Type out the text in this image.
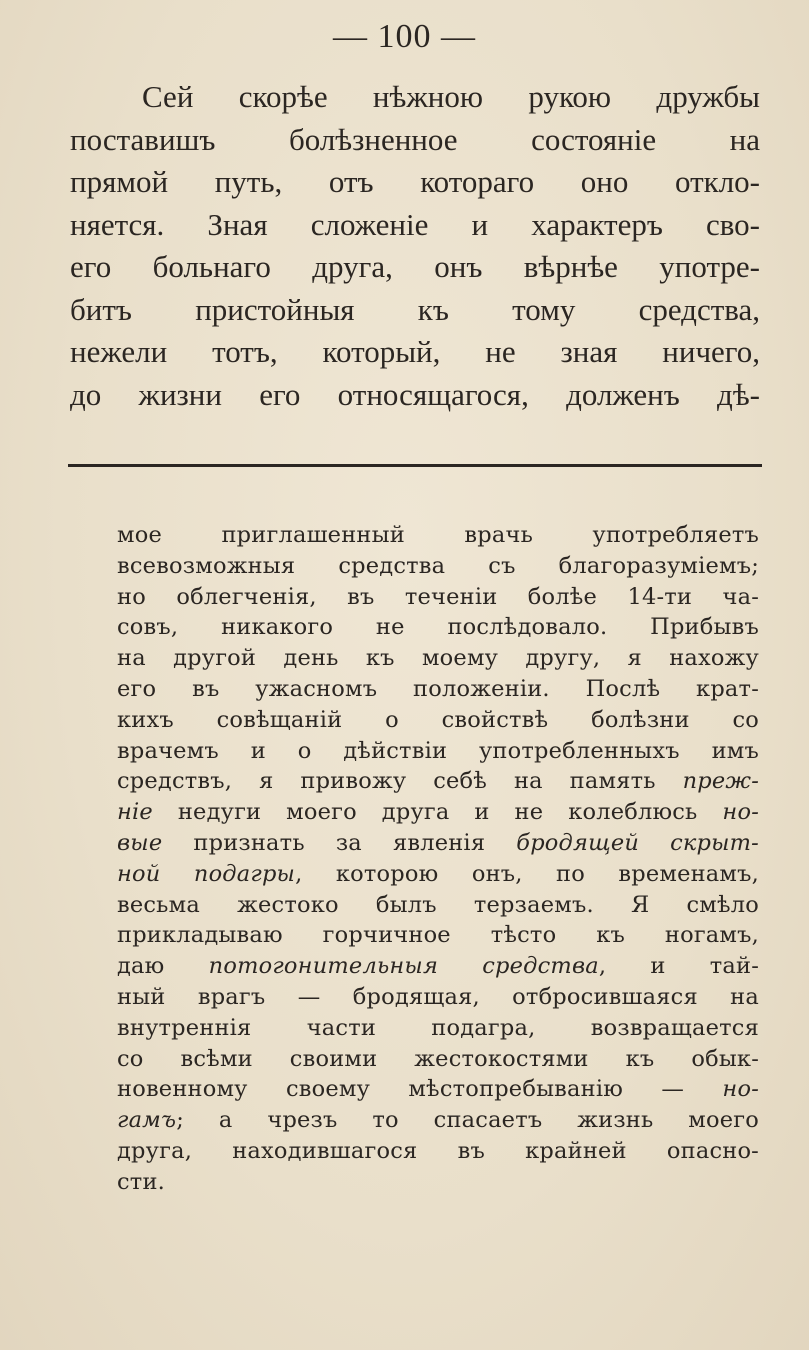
— 100 —
Сей скорѣе нѣжною рукою дружбы
поставишъ болѣзненное состояніе на
прямой путь, отъ котораго оно откло-
няется. Зная сложеніе и характеръ сво-
его больнаго друга, онъ вѣрнѣе употре-
битъ пристойныя къ тому средства,
нежели тотъ, который, не зная ничего,
до жизни его относящагося, долженъ дѣ-
мое приглашенный врачь употребляетъ
всевозможныя средства съ благоразуміемъ;
но облегченія, въ теченіи болѣе 14-ти ча-
совъ, никакого не послѣдовало. Прибывъ
на другой день къ моему другу, я нахожу
его въ ужасномъ положеніи. Послѣ крат-
кихъ совѣщаній о свойствѣ болѣзни со
врачемъ и о дѣйствіи употребленныхъ имъ
средствъ, я привожу себѣ на память преж-
ніе недуги моего друга и не колеблюсь но-
вые признать за явленія бродящей скрыт-
ной подагры, которою онъ, по временамъ,
весьма жестоко былъ терзаемъ. Я смѣло
прикладываю горчичное тѣсто къ ногамъ,
даю потогонительныя средства, и тай-
ный врагъ — бродящая, отбросившаяся на
внутреннія части подагра, возвращается
со всѣми своими жестокостями къ обык-
новенному своему мѣстопребыванію — но-
гамъ; а чрезъ то спасаетъ жизнь моего
друга, находившагося въ крайней опасно-
сти.
